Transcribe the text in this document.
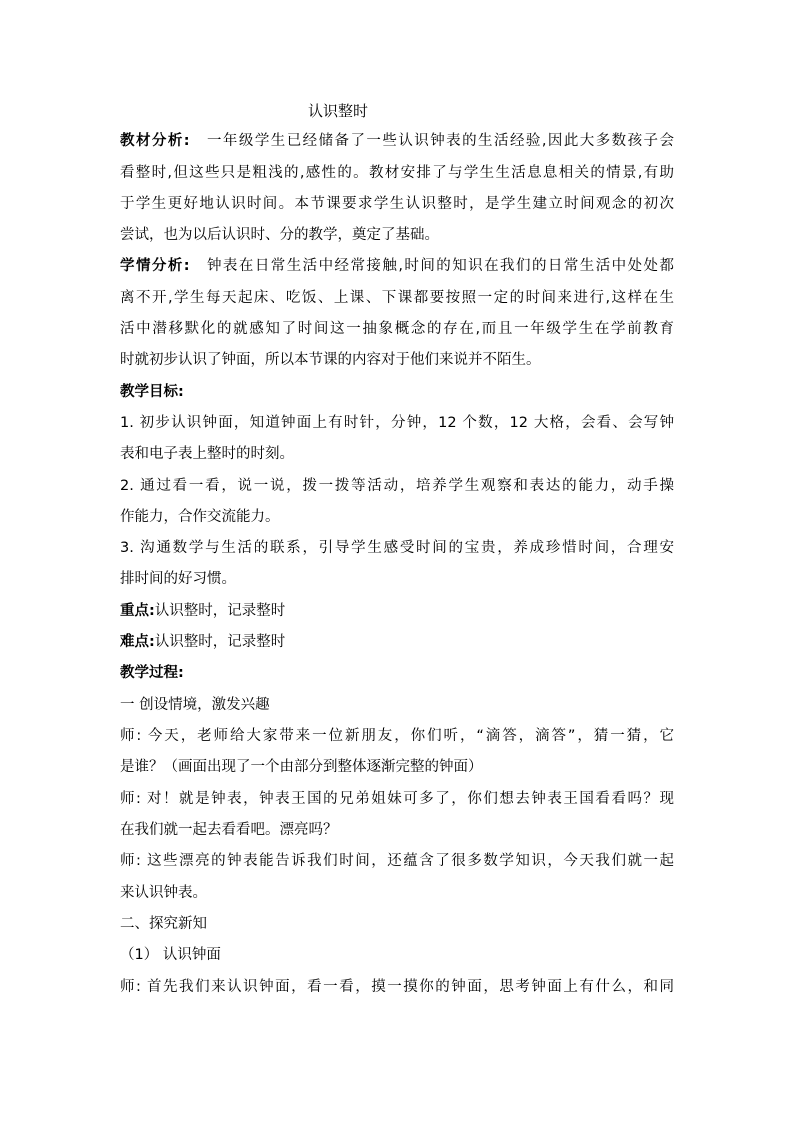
认识整时
教材分析:　一年级学生已经储备了一些认识钟表的生活经验,因此大多数孩子会
看整时,但这些只是粗浅的,感性的。教材安排了与学生生活息息相关的情景,有助
于学生更好地认识时间。本节课要求学生认识整时，是学生建立时间观念的初次
尝试，也为以后认识时、分的教学，奠定了基础。
学情分析:　钟表在日常生活中经常接触,时间的知识在我们的日常生活中处处都
离不开,学生每天起床、吃饭、上课、下课都要按照一定的时间来进行,这样在生
活中潜移默化的就感知了时间这一抽象概念的存在,而且一年级学生在学前教育
时就初步认识了钟面，所以本节课的内容对于他们来说并不陌生。
教学目标:
1. 初步认识钟面，知道钟面上有时针，分钟，12 个数，12 大格，会看、会写钟
表和电子表上整时的时刻。
2. 通过看一看，说一说，拨一拨等活动，培养学生观察和表达的能力，动手操
作能力，合作交流能力。
3. 沟通数学与生活的联系，引导学生感受时间的宝贵，养成珍惜时间，合理安
排时间的好习惯。
重点:认识整时，记录整时
难点:认识整时，记录整时
教学过程:
一 创设情境，激发兴趣
师: 今天，老师给大家带来一位新朋友，你们听，“滴答，滴答”，猜一猜，它
是谁？（画面出现了一个由部分到整体逐渐完整的钟面）
师: 对！就是钟表，钟表王国的兄弟姐妹可多了，你们想去钟表王国看看吗？现
在我们就一起去看看吧。漂亮吗？
师: 这些漂亮的钟表能告诉我们时间，还蕴含了很多数学知识，今天我们就一起
来认识钟表。
二、探究新知
（1） 认识钟面
师: 首先我们来认识钟面，看一看，摸一摸你的钟面，思考钟面上有什么，和同
